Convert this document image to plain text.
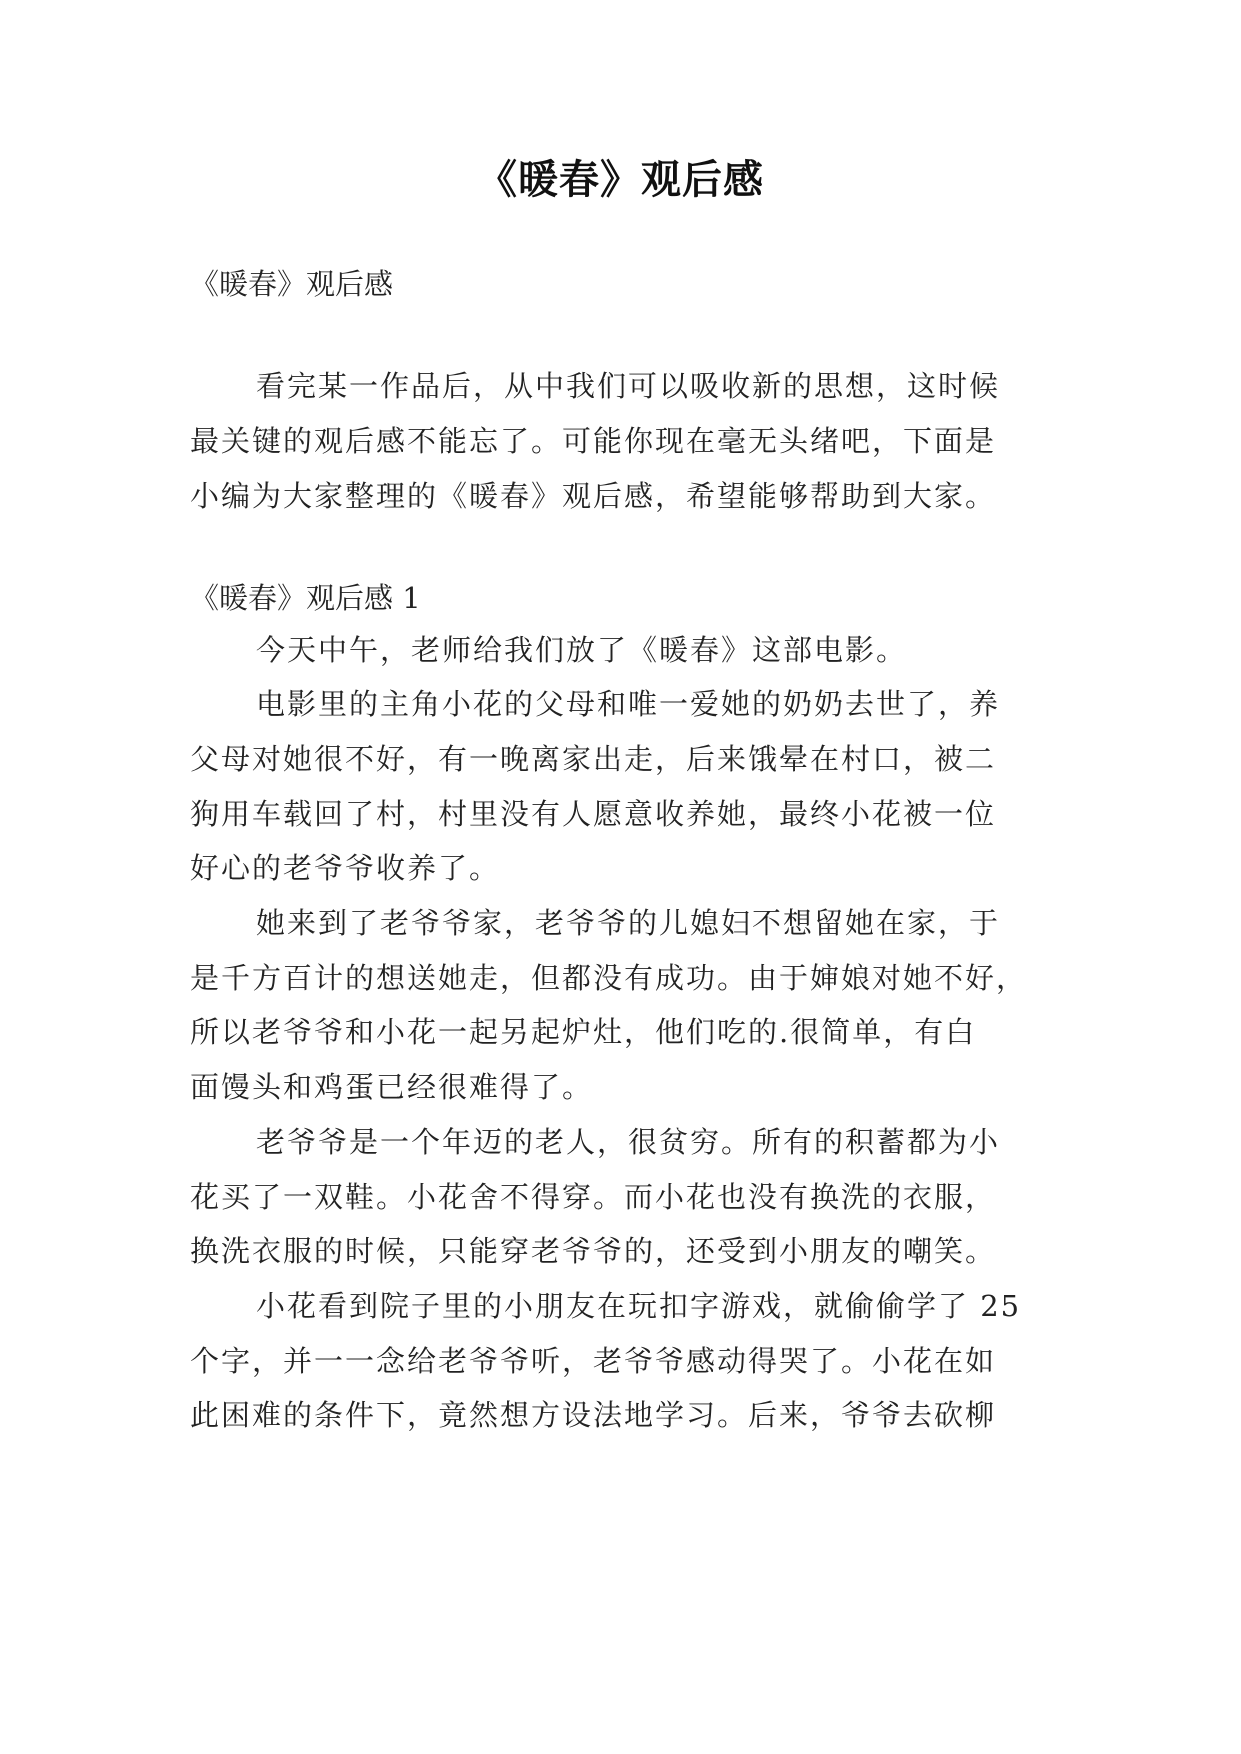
《暖春》观后感
《暖春》观后感
看完某一作品后，从中我们可以吸收新的思想，这时候
最关键的观后感不能忘了。可能你现在毫无头绪吧，下面是
小编为大家整理的《暖春》观后感，希望能够帮助到大家。
《暖春》观后感 1
今天中午，老师给我们放了《暖春》这部电影。
电影里的主角小花的父母和唯一爱她的奶奶去世了，养
父母对她很不好，有一晚离家出走，后来饿晕在村口，被二
狗用车载回了村，村里没有人愿意收养她，最终小花被一位
好心的老爷爷收养了。
她来到了老爷爷家，老爷爷的儿媳妇不想留她在家，于
是千方百计的想送她走，但都没有成功。由于婶娘对她不好，
所以老爷爷和小花一起另起炉灶，他们吃的.很简单，有白
面馒头和鸡蛋已经很难得了。
老爷爷是一个年迈的老人，很贫穷。所有的积蓄都为小
花买了一双鞋。小花舍不得穿。而小花也没有换洗的衣服，
换洗衣服的时候，只能穿老爷爷的，还受到小朋友的嘲笑。
小花看到院子里的小朋友在玩扣字游戏，就偷偷学了 25
个字，并一一念给老爷爷听，老爷爷感动得哭了。小花在如
此困难的条件下，竟然想方设法地学习。后来，爷爷去砍柳
